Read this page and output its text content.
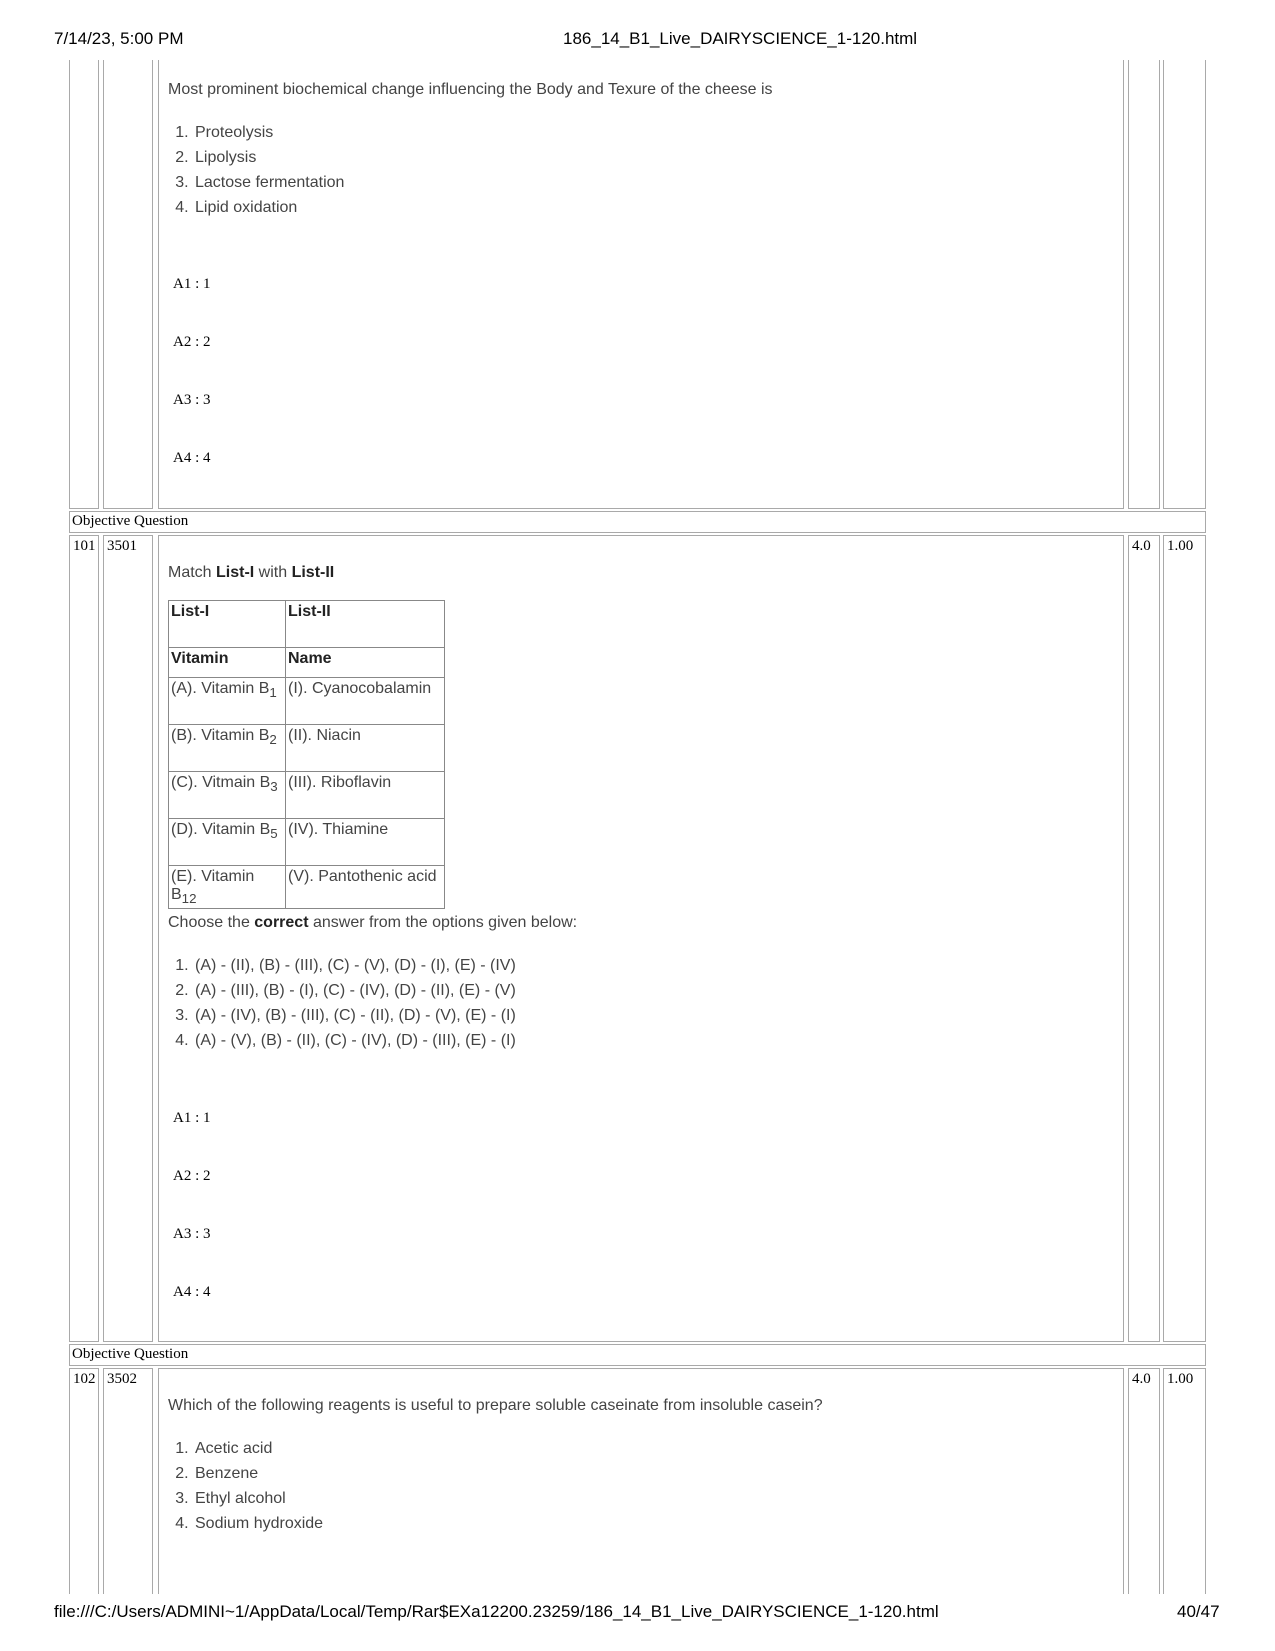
7/14/23, 5:00 PM	186_14_B1_Live_DAIRYSCIENCE_1-120.html
file:///C:/Users/ADMINI~1/AppData/Local/Temp/Rar$EXa12200.23259/186_14_B1_Live_DAIRYSCIENCE_1-120.html	40/47
Most prominent biochemical change influencing the Body and Texure of the cheese is
1. Proteolysis
2. Lipolysis
3. Lactose fermentation
4. Lipid oxidation
A1 : 1
A2 : 2
A3 : 3
A4 : 4
Objective Question
101 3501	4.0 1.00
Match List-I with List-II
List-I	List-II
Vitamin	Name
(A). Vitamin $B_1$	(I). Cyanocobalamin
(B). Vitamin $B_2$	(II). Niacin
(C). Vitmain $B_3$	(III). Riboflavin
(D). Vitamin $B_5$	(IV). Thiamine
(E). Vitamin $B_{12}$	(V). Pantothenic acid
Choose the correct answer from the options given below:
1. (A) - (II), (B) - (III), (C) - (V), (D) - (I), (E) - (IV)
2. (A) - (III), (B) - (I), (C) - (IV), (D) - (II), (E) - (V)
3. (A) - (IV), (B) - (III), (C) - (II), (D) - (V), (E) - (I)
4. (A) - (V), (B) - (II), (C) - (IV), (D) - (III), (E) - (I)
A1 : 1
A2 : 2
A3 : 3
A4 : 4
Objective Question
102 3502	4.0 1.00
Which of the following reagents is useful to prepare soluble caseinate from insoluble casein?
1. Acetic acid
2. Benzene
3. Ethyl alcohol
4. Sodium hydroxide
